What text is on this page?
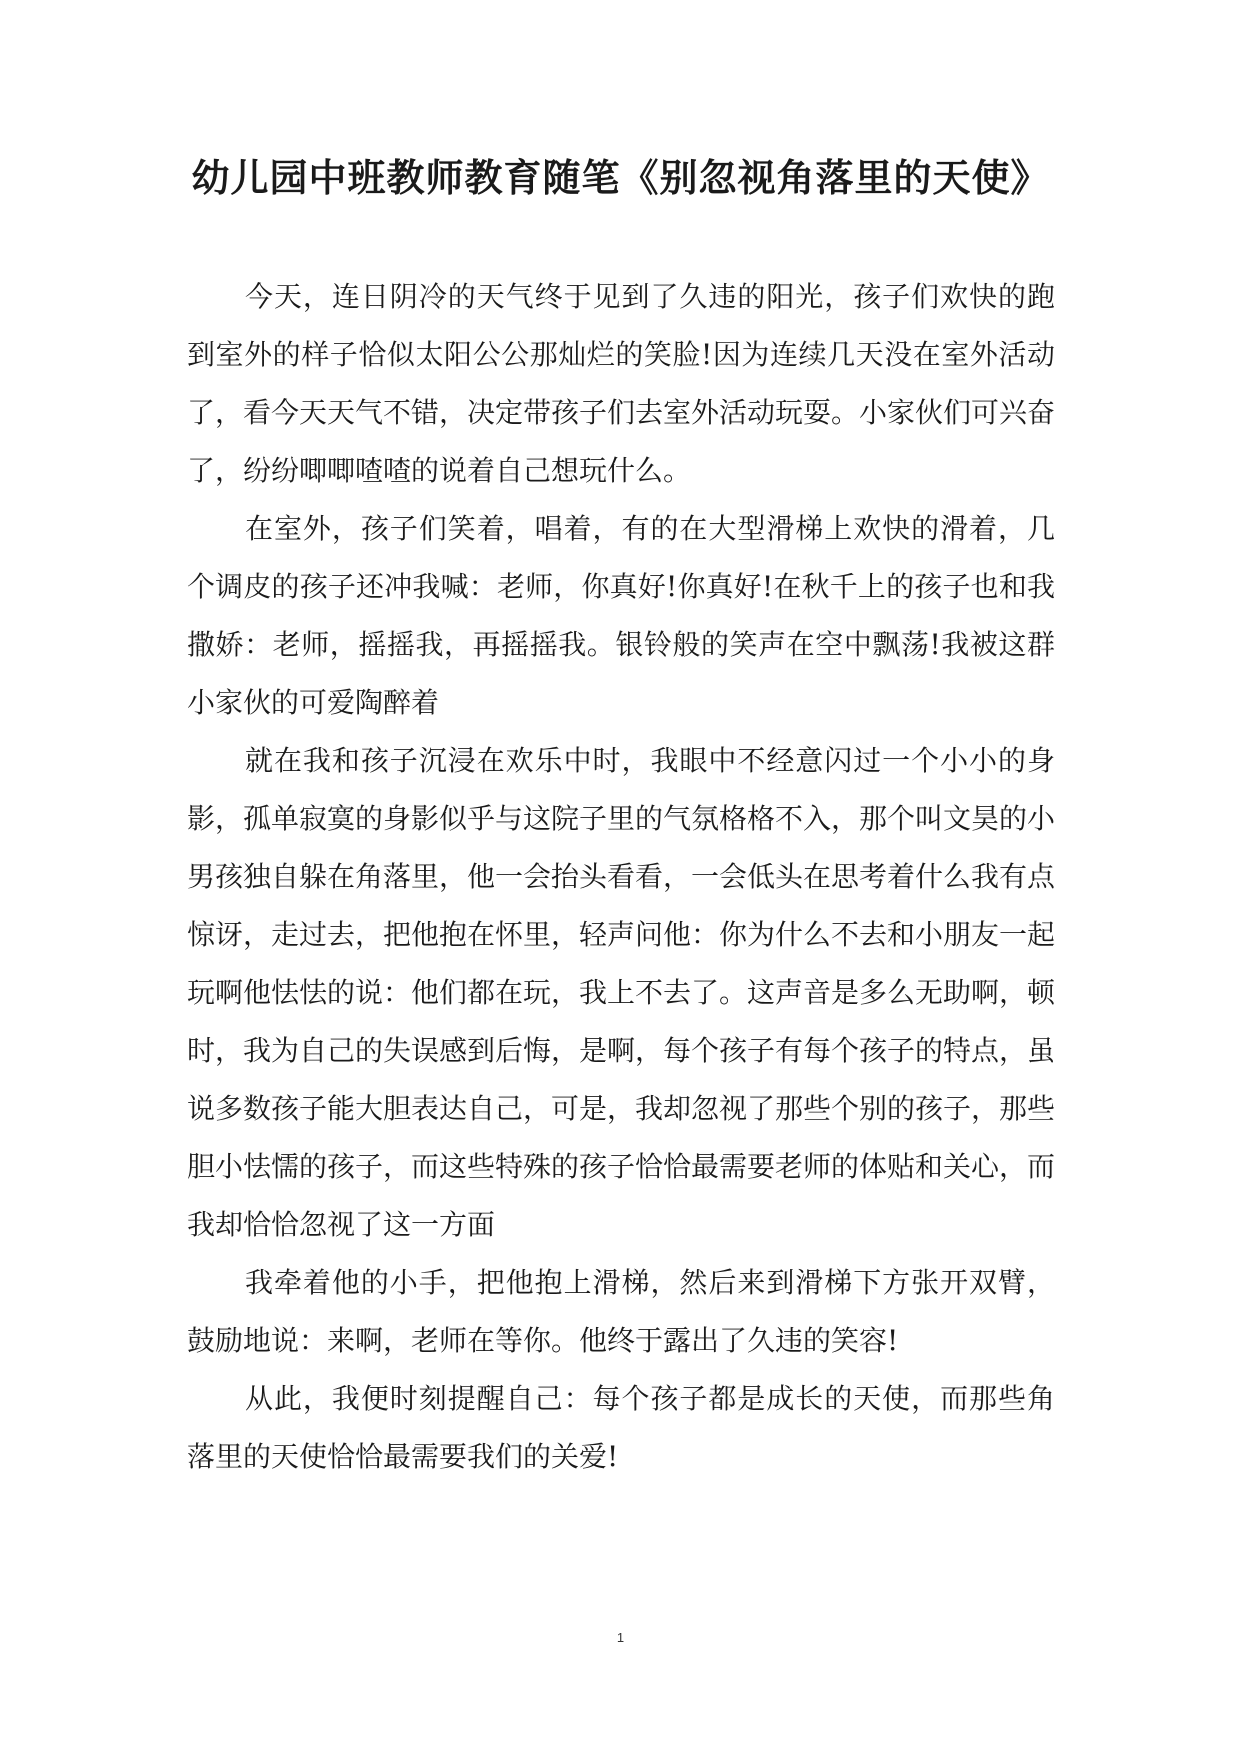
幼儿园中班教师教育随笔《别忽视角落里的天使》

今天，连日阴冷的天气终于见到了久违的阳光，孩子们欢快的跑到室外的样子恰似太阳公公那灿烂的笑脸!因为连续几天没在室外活动了，看今天天气不错，决定带孩子们去室外活动玩耍。小家伙们可兴奋了，纷纷唧唧喳喳的说着自己想玩什么。

在室外，孩子们笑着，唱着，有的在大型滑梯上欢快的滑着，几个调皮的孩子还冲我喊：老师，你真好!你真好!在秋千上的孩子也和我撒娇：老师，摇摇我，再摇摇我。银铃般的笑声在空中飘荡!我被这群小家伙的可爱陶醉着

就在我和孩子沉浸在欢乐中时，我眼中不经意闪过一个小小的身影，孤单寂寞的身影似乎与这院子里的气氛格格不入，那个叫文昊的小男孩独自躲在角落里，他一会抬头看看，一会低头在思考着什么我有点惊讶，走过去，把他抱在怀里，轻声问他：你为什么不去和小朋友一起玩啊他怯怯的说：他们都在玩，我上不去了。这声音是多么无助啊，顿时，我为自己的失误感到后悔，是啊，每个孩子有每个孩子的特点，虽说多数孩子能大胆表达自己，可是，我却忽视了那些个别的孩子，那些胆小怯懦的孩子，而这些特殊的孩子恰恰最需要老师的体贴和关心，而我却恰恰忽视了这一方面

我牵着他的小手，把他抱上滑梯，然后来到滑梯下方张开双臂，鼓励地说：来啊，老师在等你。他终于露出了久违的笑容!

从此，我便时刻提醒自己：每个孩子都是成长的天使，而那些角落里的天使恰恰最需要我们的关爱!

1
